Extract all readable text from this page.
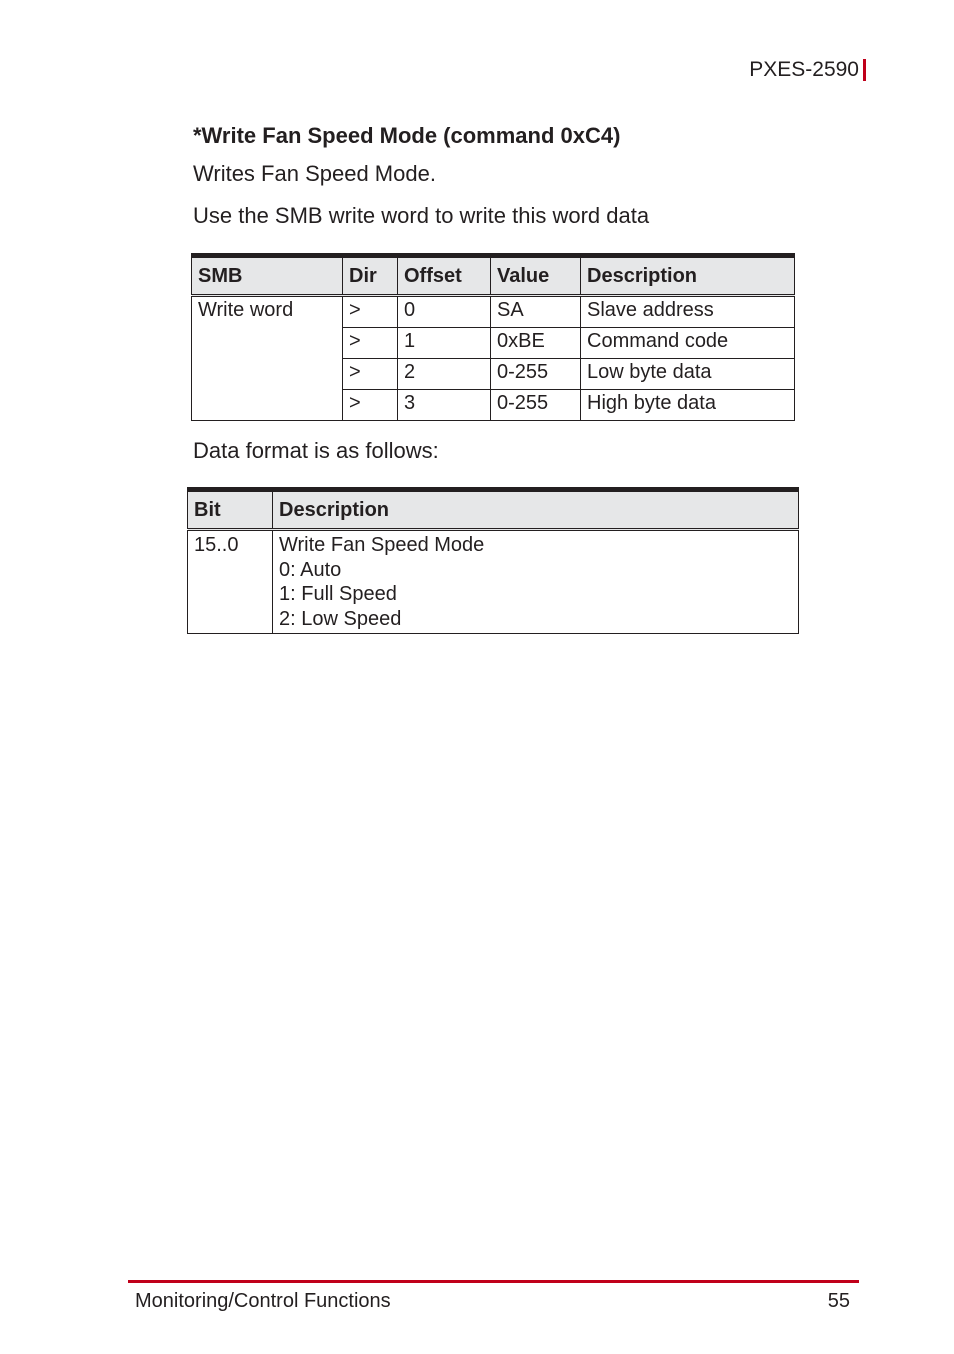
PXES-2590
*Write Fan Speed Mode (command 0xC4)

Writes Fan Speed Mode.

Use the SMB write word to write this word data

SMB	Dir	Offset	Value	Description
Write word	>	0	SA	Slave address
	>	1	0xBE	Command code
	>	2	0-255	Low byte data
	>	3	0-255	High byte data

Data format is as follows:

Bit	Description
15..0	Write Fan Speed Mode
0: Auto
1: Full Speed
2: Low Speed
Monitoring/Control Functions	55
